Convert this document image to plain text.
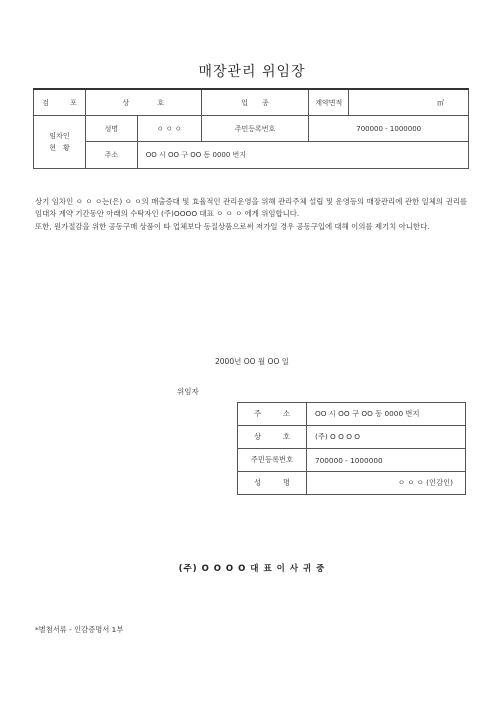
매장관리 위임장
검　　　포	상　　　　호		업　　종	계약면적	㎡

임차인
현　황	성명	ㅇ ㅇ ㅇ	주민등록번호	700000 - 1000000	
	주소	OO 시 OO 구 OO 동 0000 번지			

상기 임차인 ㅇ ㅇ ㅇ는(은) ㅇ ㅇ의 매출증대 및 효율적인 관리운영을 위해 관리주체 설립 및 운영등의 매장관리에 관한 일체의 권리를 임대차 계약 기간동안 아래의 수탁자인 (주)OOOO 대표 ㅇ ㅇ ㅇ 에게 위임합니다.

또한, 원가절감을 위한 공동구매 상품이 타 업체보다 동질상품으로써 저가일 경우 공동구입에 대해 이의를 제기치 아니한다.

2000년 OO 월 OO 일
위임자
주　　　소	OO 시 OO 구 OO 동 0000 번지
상　　　호	(주) O O O O
주민등록번호	700000 - 1000000
성　　　명	ㅇ ㅇ ㅇ (인감인)
(주) O O O O 대 표 이 사 귀 중
*별첨서류 - 인감증명서 1부
